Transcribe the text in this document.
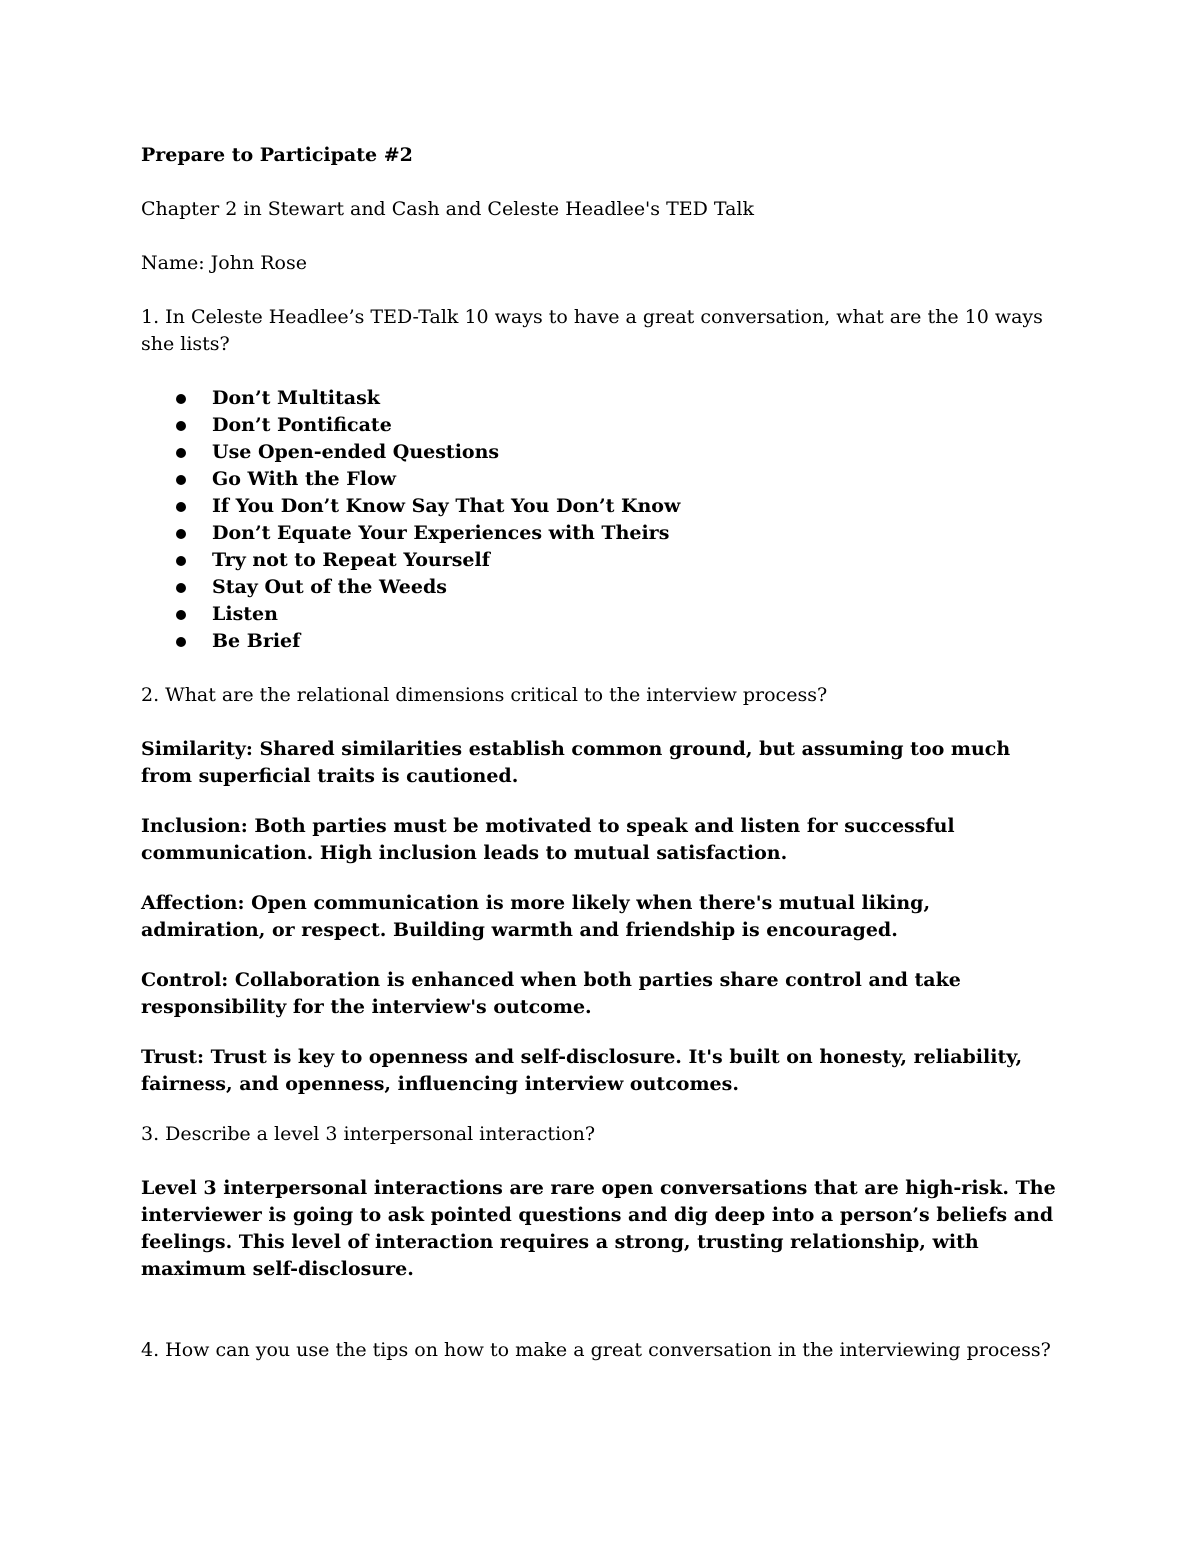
Prepare to Participate #2

Chapter 2 in Stewart and Cash and Celeste Headlee's TED Talk

Name: John Rose

1. In Celeste Headlee’s TED-Talk 10 ways to have a great conversation, what are the 10 ways she lists?

Don’t Multitask
Don’t Pontificate
Use Open-ended Questions
Go With the Flow
If You Don’t Know Say That You Don’t Know
Don’t Equate Your Experiences with Theirs
Try not to Repeat Yourself
Stay Out of the Weeds
Listen
Be Brief

2. What are the relational dimensions critical to the interview process?

Similarity: Shared similarities establish common ground, but assuming too much from superficial traits is cautioned.

Inclusion: Both parties must be motivated to speak and listen for successful communication. High inclusion leads to mutual satisfaction.

Affection: Open communication is more likely when there's mutual liking, admiration, or respect. Building warmth and friendship is encouraged.

Control: Collaboration is enhanced when both parties share control and take responsibility for the interview's outcome.

Trust: Trust is key to openness and self-disclosure. It's built on honesty, reliability, fairness, and openness, influencing interview outcomes.

3. Describe a level 3 interpersonal interaction?

Level 3 interpersonal interactions are rare open conversations that are high-risk. The interviewer is going to ask pointed questions and dig deep into a person’s beliefs and feelings. This level of interaction requires a strong, trusting relationship, with maximum self-disclosure.

4. How can you use the tips on how to make a great conversation in the interviewing process?
